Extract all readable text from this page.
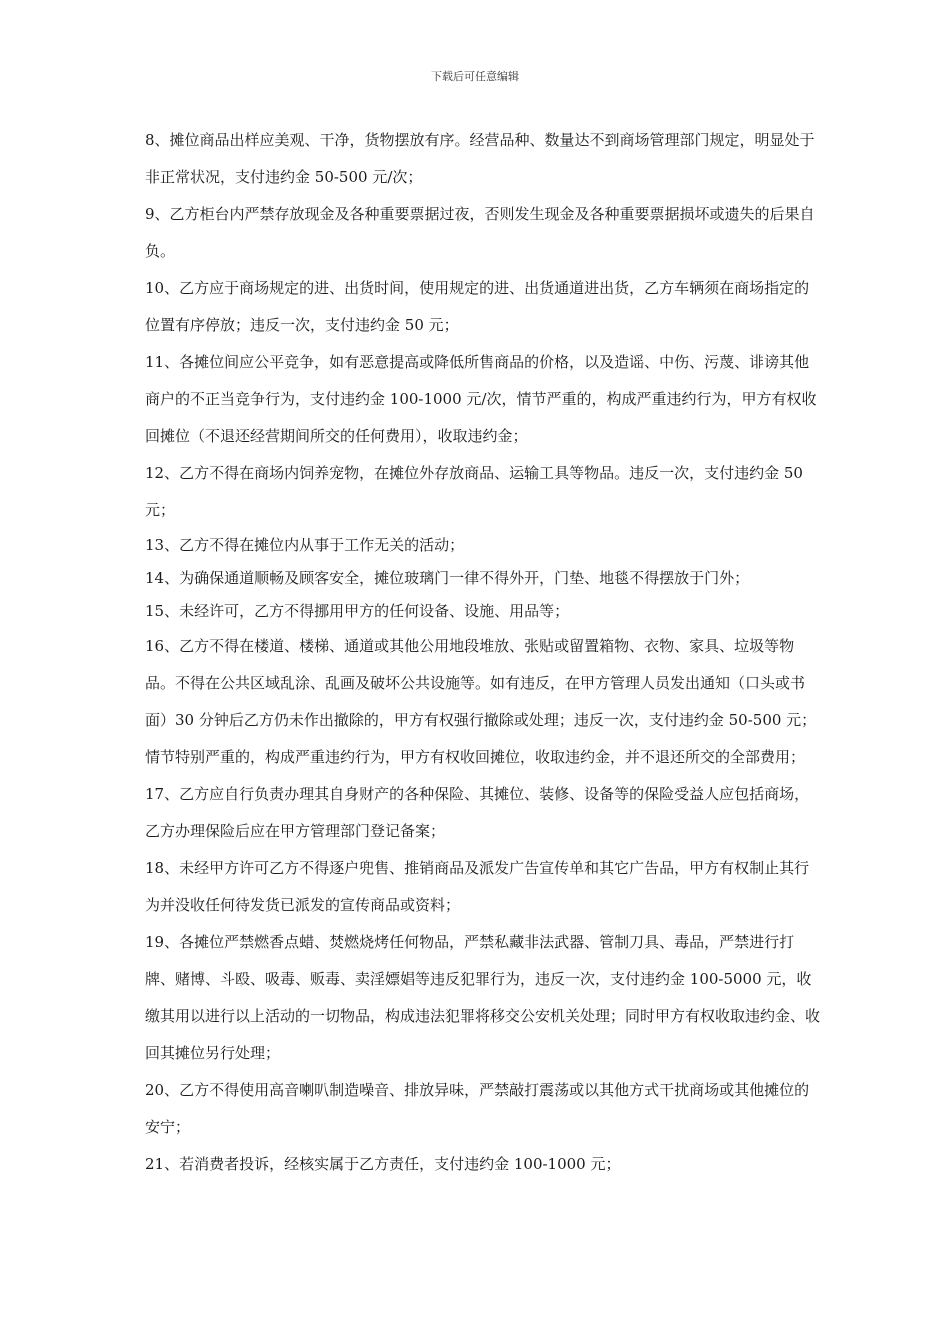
下载后可任意编辑

8、摊位商品出样应美观、干净，货物摆放有序。经营品种、数量达不到商场管理部门规定，明显处于非正常状况，支付违约金 50-500 元/次；

9、乙方柜台内严禁存放现金及各种重要票据过夜，否则发生现金及各种重要票据损坏或遗失的后果自负。

10、乙方应于商场规定的进、出货时间，使用规定的进、出货通道进出货，乙方车辆须在商场指定的位置有序停放；违反一次，支付违约金 50 元；

11、各摊位间应公平竞争，如有恶意提高或降低所售商品的价格，以及造谣、中伤、污蔑、诽谤其他商户的不正当竞争行为，支付违约金 100-1000 元/次，情节严重的，构成严重违约行为，甲方有权收回摊位（不退还经营期间所交的任何费用），收取违约金；

12、乙方不得在商场内饲养宠物，在摊位外存放商品、运输工具等物品。违反一次，支付违约金 50 元；

13、乙方不得在摊位内从事于工作无关的活动；

14、为确保通道顺畅及顾客安全，摊位玻璃门一律不得外开，门垫、地毯不得摆放于门外；

15、未经许可，乙方不得挪用甲方的任何设备、设施、用品等；

16、乙方不得在楼道、楼梯、通道或其他公用地段堆放、张贴或留置箱物、衣物、家具、垃圾等物品。不得在公共区域乱涂、乱画及破坏公共设施等。如有违反，在甲方管理人员发出通知（口头或书面）30 分钟后乙方仍未作出撤除的，甲方有权强行撤除或处理；违反一次，支付违约金 50-500 元；情节特别严重的，构成严重违约行为，甲方有权收回摊位，收取违约金，并不退还所交的全部费用；

17、乙方应自行负责办理其自身财产的各种保险、其摊位、装修、设备等的保险受益人应包括商场，乙方办理保险后应在甲方管理部门登记备案；

18、未经甲方许可乙方不得逐户兜售、推销商品及派发广告宣传单和其它广告品，甲方有权制止其行为并没收任何待发货已派发的宣传商品或资料；

19、各摊位严禁燃香点蜡、焚燃烧烤任何物品，严禁私藏非法武器、管制刀具、毒品，严禁进行打牌、赌博、斗殴、吸毒、贩毒、卖淫嫖娼等违反犯罪行为，违反一次，支付违约金 100-5000 元，收缴其用以进行以上活动的一切物品，构成违法犯罪将移交公安机关处理；同时甲方有权收取违约金、收回其摊位另行处理；

20、乙方不得使用高音喇叭制造噪音、排放异味，严禁敲打震荡或以其他方式干扰商场或其他摊位的安宁；

21、若消费者投诉，经核实属于乙方责任，支付违约金 100-1000 元；
